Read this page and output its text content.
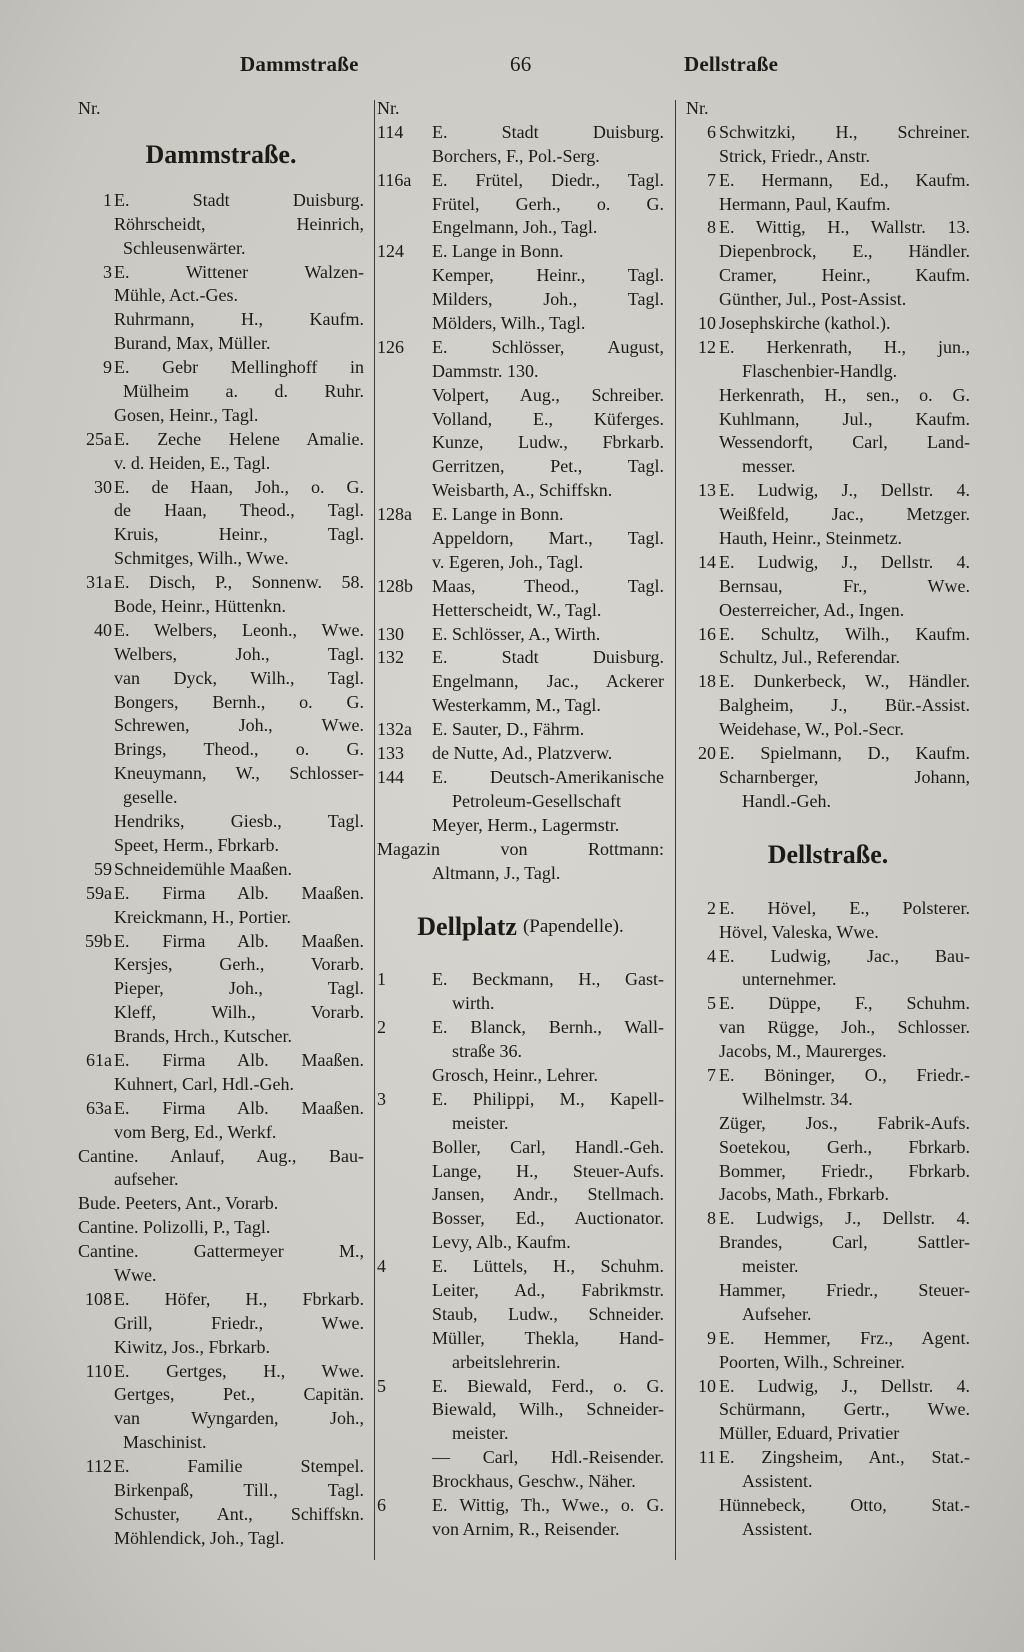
Dammstraße	66	Dellstraße
Nr.
Dammstraße.
1 E. Stadt Duisburg.
Röhrscheidt, Heinrich,
Schleusenwärter.
3 E. Wittener Walzen-
Mühle, Act.-Ges.
Ruhrmann, H., Kaufm.
Burand, Max, Müller.
9 E. Gebr Mellinghoff in
Mülheim a. d. Ruhr.
Gosen, Heinr., Tagl.
25a E. Zeche Helene Amalie.
v. d. Heiden, E., Tagl.
30 E. de Haan, Joh., o. G.
de Haan, Theod., Tagl.
Kruis, Heinr., Tagl.
Schmitges, Wilh., Wwe.
31a E. Disch, P., Sonnenw. 58.
Bode, Heinr., Hüttenkn.
40 E. Welbers, Leonh., Wwe.
Welbers, Joh., Tagl.
van Dyck, Wilh., Tagl.
Bongers, Bernh., o. G.
Schrewen, Joh., Wwe.
Brings, Theod., o. G.
Kneuymann, W., Schlosser-
geselle.
Hendriks, Giesb., Tagl.
Speet, Herm., Fbrkarb.
59 Schneidemühle Maaßen.
59a E. Firma Alb. Maaßen.
Kreickmann, H., Portier.
59b E. Firma Alb. Maaßen.
Kersjes, Gerh., Vorarb.
Pieper, Joh., Tagl.
Kleff, Wilh., Vorarb.
Brands, Hrch., Kutscher.
61a E. Firma Alb. Maaßen.
Kuhnert, Carl, Hdl.-Geh.
63a E. Firma Alb. Maaßen.
vom Berg, Ed., Werkf.
Cantine. Anlauf, Aug., Bau-
aufseher.
Bude. Peeters, Ant., Vorarb.
Cantine. Polizolli, P., Tagl.
Cantine. Gattermeyer M.,
Wwe.
108 E. Höfer, H., Fbrkarb.
Grill, Friedr., Wwe.
Kiwitz, Jos., Fbrkarb.
110 E. Gertges, H., Wwe.
Gertges, Pet., Capitän.
van Wyngarden, Joh.,
Maschinist.
112 E. Familie Stempel.
Birkenpaß, Till., Tagl.
Schuster, Ant., Schiffskn.
Möhlendick, Joh., Tagl.
Nr.
114	E. Stadt Duisburg.
Borchers, F., Pol.-Serg.
116a	E. Frütel, Diedr., Tagl.
Frütel, Gerh., o. G.
Engelmann, Joh., Tagl.
124	E. Lange in Bonn.
Kemper, Heinr., Tagl.
Milders, Joh., Tagl.
Mölders, Wilh., Tagl.
126	E. Schlösser, August,
Dammstr. 130.
Volpert, Aug., Schreiber.
Volland, E., Küferges.
Kunze, Ludw., Fbrkarb.
Gerritzen, Pet., Tagl.
Weisbarth, A., Schiffskn.
128a	E. Lange in Bonn.
Appeldorn, Mart., Tagl.
v. Egeren, Joh., Tagl.
128b	Maas, Theod., Tagl.
Hetterscheidt, W., Tagl.
130	E. Schlösser, A., Wirth.
132	E. Stadt Duisburg.
Engelmann, Jac., Ackerer
Westerkamm, M., Tagl.
132a	E. Sauter, D., Fährm.
133	de Nutte, Ad., Platzverw.
144	E. Deutsch-Amerikanische
Petroleum-Gesellschaft
Meyer, Herm., Lagermstr.
Magazin von Rottmann:
Altmann, J., Tagl.
Dellplatz (Papendelle).
1	E. Beckmann, H., Gast-
wirth.
2	E. Blanck, Bernh., Wall-
straße 36.
Grosch, Heinr., Lehrer.
3	E. Philippi, M., Kapell-
meister.
Boller, Carl, Handl.-Geh.
Lange, H., Steuer-Aufs.
Jansen, Andr., Stellmach.
Bosser, Ed., Auctionator.
Levy, Alb., Kaufm.
4	E. Lüttels, H., Schuhm.
Leiter, Ad., Fabrikmstr.
Staub, Ludw., Schneider.
Müller, Thekla, Hand-
arbeitslehrerin.
5	E. Biewald, Ferd., o. G.
Biewald, Wilh., Schneider-
meister.
— Carl, Hdl.-Reisender.
Brockhaus, Geschw., Näher.
6	E. Wittig, Th., Wwe., o. G.
von Arnim, R., Reisender.
Nr.
6 Schwitzki, H., Schreiner.
Strick, Friedr., Anstr.
7 E. Hermann, Ed., Kaufm.
Hermann, Paul, Kaufm.
8 E. Wittig, H., Wallstr. 13.
Diepenbrock, E., Händler.
Cramer, Heinr., Kaufm.
Günther, Jul., Post-Assist.
10 Josephskirche (kathol.).
12 E. Herkenrath, H., jun.,
Flaschenbier-Handlg.
Herkenrath, H., sen., o. G.
Kuhlmann, Jul., Kaufm.
Wessendorft, Carl, Land-
messer.
13 E. Ludwig, J., Dellstr. 4.
Weißfeld, Jac., Metzger.
Hauth, Heinr., Steinmetz.
14 E. Ludwig, J., Dellstr. 4.
Bernsau, Fr., Wwe.
Oesterreicher, Ad., Ingen.
16 E. Schultz, Wilh., Kaufm.
Schultz, Jul., Referendar.
18 E. Dunkerbeck, W., Händler.
Balgheim, J., Bür.-Assist.
Weidehase, W., Pol.-Secr.
20 E. Spielmann, D., Kaufm.
Scharnberger, Johann,
Handl.-Geh.
Dellstraße.
2 E. Hövel, E., Polsterer.
Hövel, Valeska, Wwe.
4 E. Ludwig, Jac., Bau-
unternehmer.
5 E. Düppe, F., Schuhm.
van Rügge, Joh., Schlosser.
Jacobs, M., Maurerges.
7 E. Böninger, O., Friedr.-
Wilhelmstr. 34.
Züger, Jos., Fabrik-Aufs.
Soetekou, Gerh., Fbrkarb.
Bommer, Friedr., Fbrkarb.
Jacobs, Math., Fbrkarb.
8 E. Ludwigs, J., Dellstr. 4.
Brandes, Carl, Sattler-
meister.
Hammer, Friedr., Steuer-
Aufseher.
9 E. Hemmer, Frz., Agent.
Poorten, Wilh., Schreiner.
10 E. Ludwig, J., Dellstr. 4.
Schürmann, Gertr., Wwe.
Müller, Eduard, Privatier
11 E. Zingsheim, Ant., Stat.-
Assistent.
Hünnebeck, Otto, Stat.-
Assistent.
